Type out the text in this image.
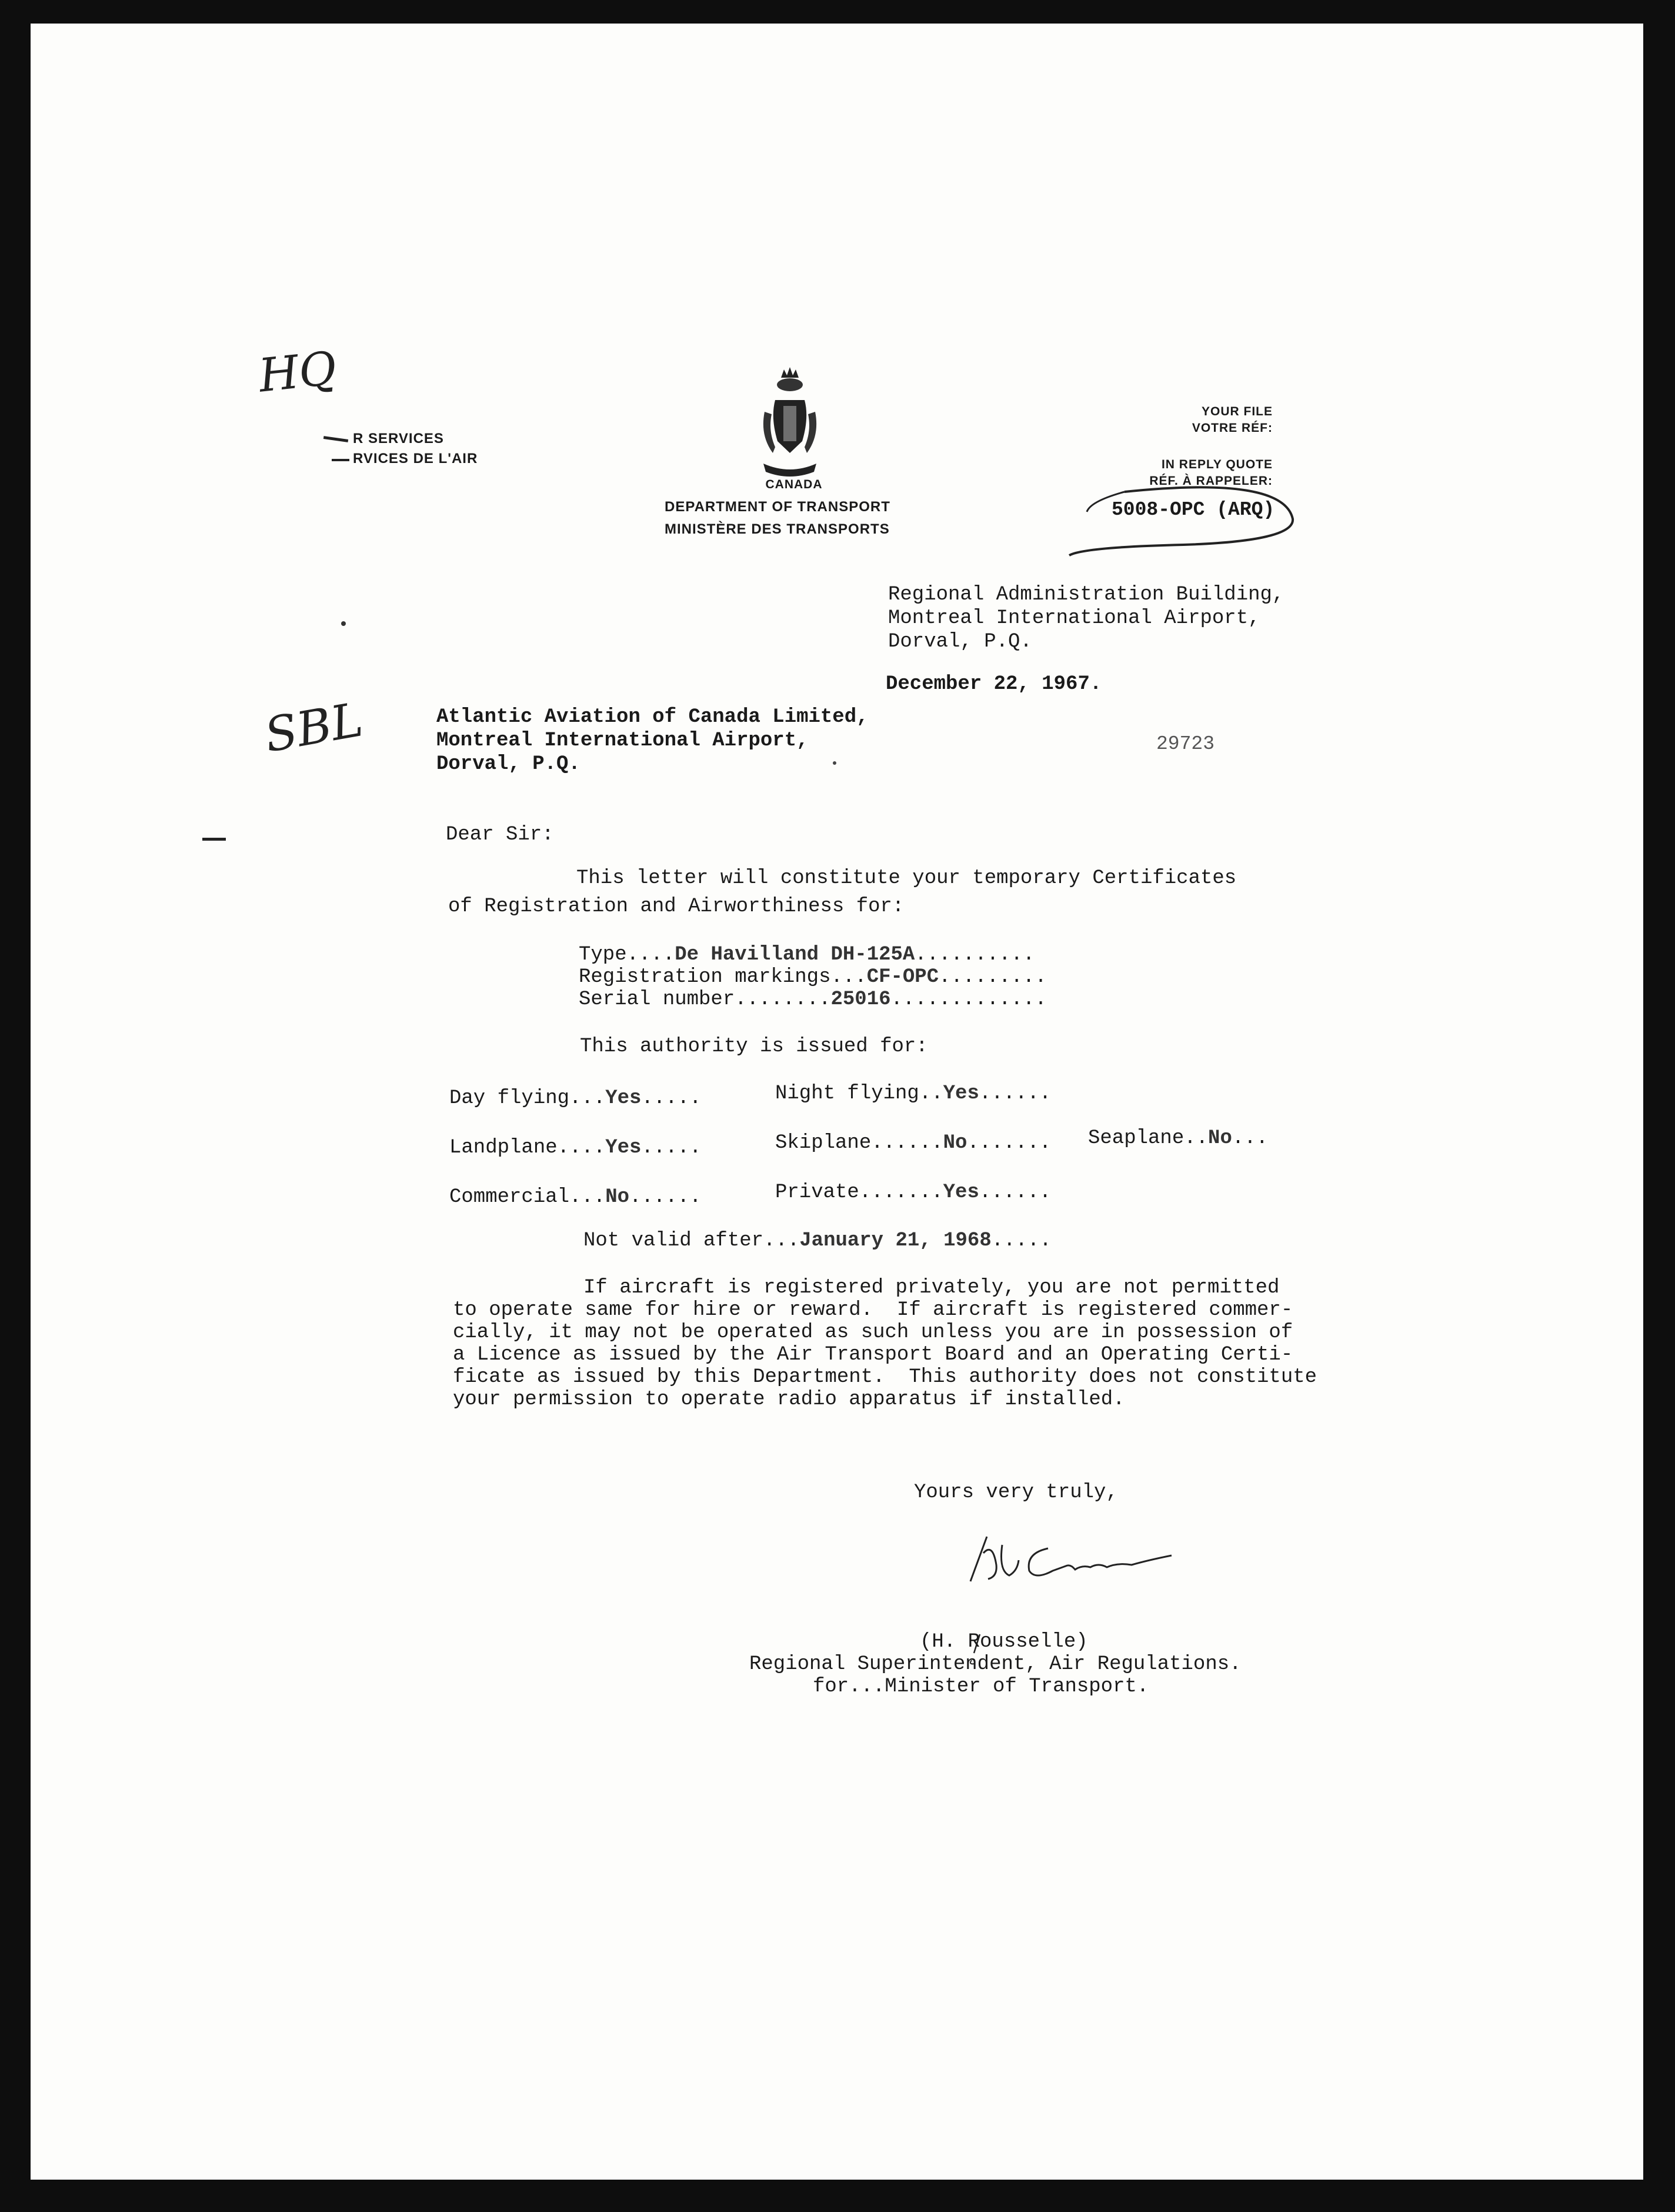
R SERVICES
RVICES DE L'AIR
CANADA
DEPARTMENT OF TRANSPORT
MINISTÈRE DES TRANSPORTS
YOUR FILE
VOTRE RÉF:
IN REPLY QUOTE
RÉF. À RAPPELER:
5008-OPC (ARQ)
HQ
SBL	29723
Regional Administration Building,
Montreal International Airport,
Dorval, P.Q.
December 22, 1967.
Atlantic Aviation of Canada Limited,
Montreal International Airport,
Dorval, P.Q.
Dear Sir:
This letter will constitute your temporary Certificates
of Registration and Airworthiness for:
Type....De Havilland DH-125A..........
Registration markings...CF-OPC.........
Serial number........25016.............
This authority is issued for:
Day flying...Yes.....	Night flying..Yes......
Landplane....Yes.....	Skiplane......No....... Seaplane..No...
Commercial...No......	Private.......Yes......
Not valid after...January 21, 1968.....
If aircraft is registered privately, you are not permitted
to operate same for hire or reward.  If aircraft is registered commer-
cially, it may not be operated as such unless you are in possession of
a Licence as issued by the Air Transport Board and an Operating Certi-
ficate as issued by this Department.  This authority does not constitute
your permission to operate radio apparatus if installed.
Yours very truly,
(H. Rousselle)
Regional Superintendent, Air Regulations.
for...Minister of Transport.
